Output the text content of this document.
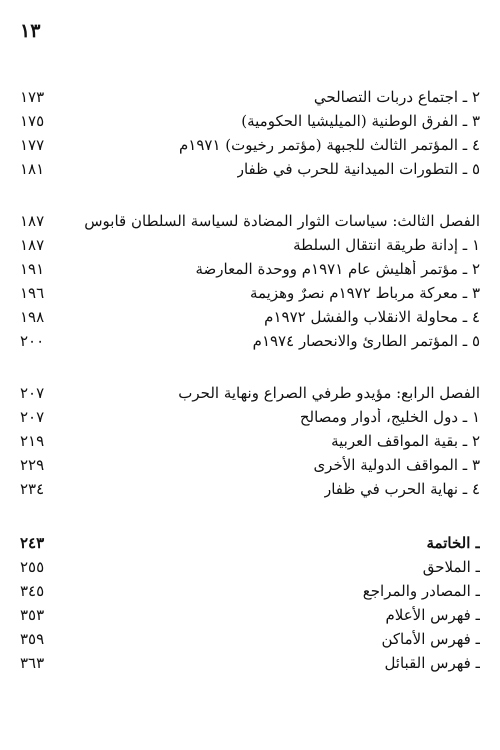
١٣
١٧٣	٢ ـ اجتماع دربات التصالحي
١٧٥	٣ ـ الفرق الوطنية (الميليشيا الحكومية)
١٧٧	٤ ـ المؤتمر الثالث للجبهة (مؤتمر رخيوت) ١٩٧١م
١٨١	٥ ـ التطورات الميدانية للحرب في ظفار
١٨٧	الفصل الثالث: سياسات الثوار المضادة لسياسة السلطان قابوس
١٨٧	١ ـ إدانة طريقة انتقال السلطة
١٩١	٢ ـ مؤتمر أهليش عام ١٩٧١م ووحدة المعارضة
١٩٦	٣ ـ معركة مرباط ١٩٧٢م نصرٌ وهزيمة
١٩٨	٤ ـ محاولة الانقلاب والفشل ١٩٧٢م
٢٠٠	٥ ـ المؤتمر الطارئ والانحصار ١٩٧٤م
٢٠٧	الفصل الرابع: مؤيدو طرفي الصراع ونهاية الحرب
٢٠٧	١ ـ دول الخليج، أدوار ومصالح
٢١٩	٢ ـ بقية المواقف العربية
٢٢٩	٣ ـ المواقف الدولية الأخرى
٢٣٤	٤ ـ نهاية الحرب في ظفار
٢٤٣	ـ الخاتمة
٢٥٥	ـ الملاحق
٣٤٥	ـ المصادر والمراجع
٣٥٣	ـ فهرس الأعلام
٣٥٩	ـ فهرس الأماكن
٣٦٣	ـ فهرس القبائل
